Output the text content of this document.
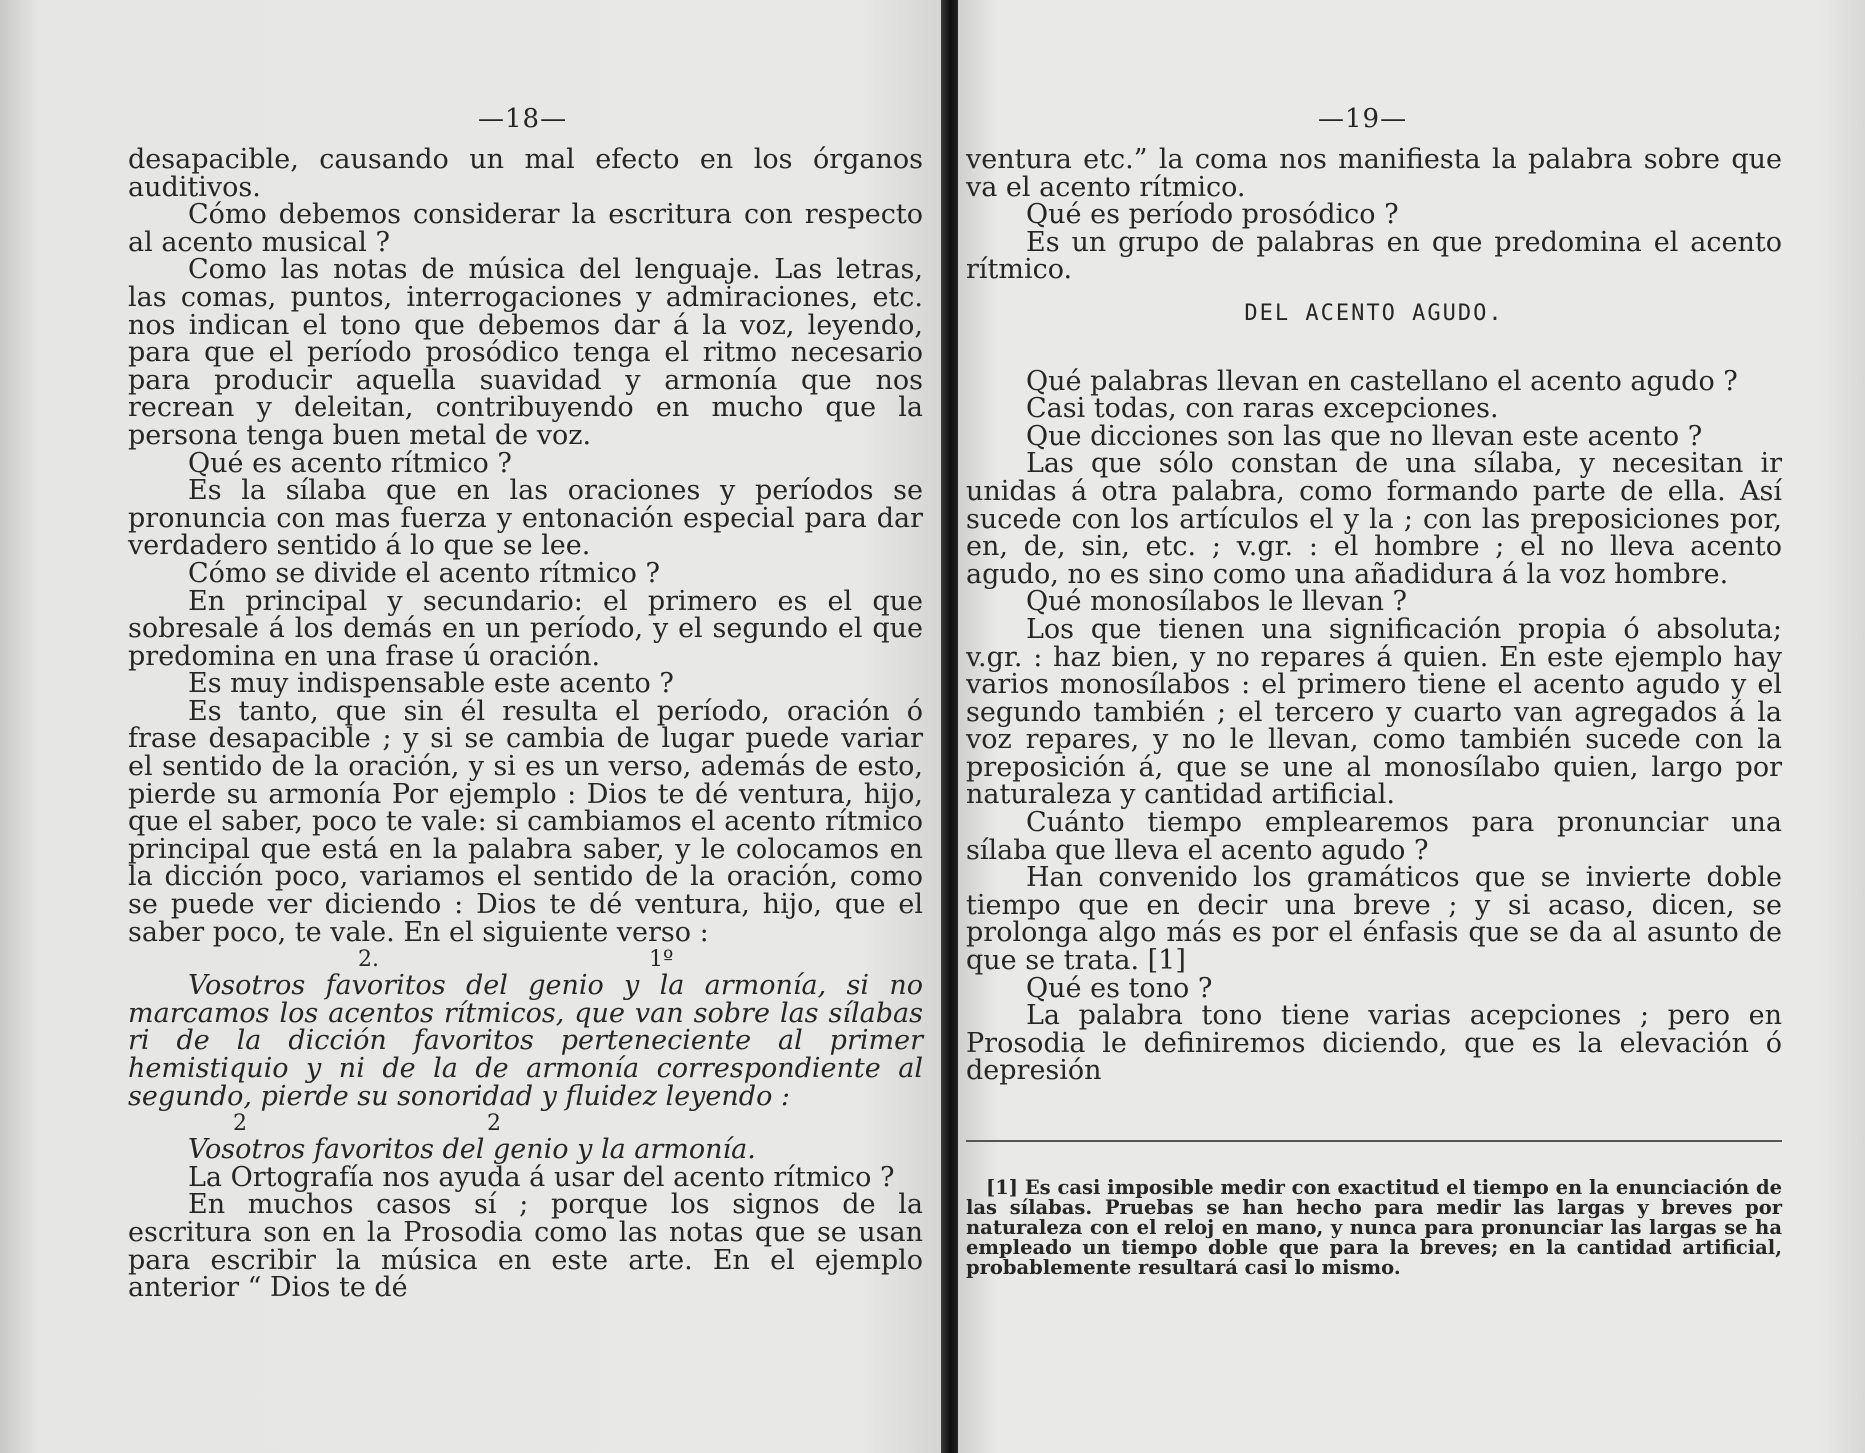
—18—

desapacible, causando un mal efecto en los órganos auditivos.

Cómo debemos considerar la escritura con respecto al acento musical ?

Como las notas de música del lenguaje. Las letras, las comas, puntos, interrogaciones y admiraciones, etc. nos indican el tono que debemos dar á la voz, leyendo, para que el período prosódico tenga el ritmo necesario para producir aquella suavidad y armonía que nos recrean y deleitan, contribuyendo en mucho que la persona tenga buen metal de voz.

Qué es acento rítmico ?

Es la sílaba que en las oraciones y períodos se pronuncia con mas fuerza y entonación especial para dar verdadero sentido á lo que se lee.

Cómo se divide el acento rítmico ?

En principal y secundario: el primero es el que sobresale á los demás en un período, y el segundo el que predomina en una frase ú oración.

Es muy indispensable este acento ?

Es tanto, que sin él resulta el período, oración ó frase desapacible ; y si se cambia de lugar puede variar el sentido de la oración, y si es un verso, además de esto, pierde su armonía Por ejemplo : Dios te dé ventura, hijo, que el saber, poco te vale: si cambiamos el acento rítmico principal que está en la palabra saber, y le colocamos en la dicción poco, variamos el sentido de la oración, como se puede ver diciendo : Dios te dé ventura, hijo, que el saber poco, te vale. En el siguiente verso :

2.	1º

Vosotros favoritos del genio y la armonía, si no marcamos los acentos rítmicos, que van sobre las sílabas ri de la dicción favoritos perteneciente al primer hemistiquio y ni de la de armonía correspondiente al segundo, pierde su sonoridad y fluidez leyendo :

2	2

Vosotros favoritos del genio y la armonía.

La Ortografía nos ayuda á usar del acento rítmico ?

En muchos casos sí ; porque los signos de la escritura son en la Prosodia como las notas que se usan para escribir la música en este arte. En el ejemplo anterior “ Dios te dé

—19—

ventura etc.” la coma nos manifiesta la palabra sobre que va el acento rítmico.

Qué es período prosódico ?

Es un grupo de palabras en que predomina el acento rítmico.

DEL ACENTO AGUDO.

Qué palabras llevan en castellano el acento agudo ?

Casi todas, con raras excepciones.

Que dicciones son las que no llevan este acento ?

Las que sólo constan de una sílaba, y necesitan ir unidas á otra palabra, como formando parte de ella. Así sucede con los artículos el y la ; con las preposiciones por, en, de, sin, etc. ; v.gr. : el hombre ; el no lleva acento agudo, no es sino como una añadidura á la voz hombre.

Qué monosílabos le llevan ?

Los que tienen una significación propia ó absoluta; v.gr. : haz bien, y no repares á quien. En este ejemplo hay varios monosílabos : el primero tiene el acento agudo y el segundo también ; el tercero y cuarto van agregados á la voz repares, y no le llevan, como también sucede con la preposición á, que se une al monosílabo quien, largo por naturaleza y cantidad artificial.

Cuánto tiempo emplearemos para pronunciar una sílaba que lleva el acento agudo ?

Han convenido los gramáticos que se invierte doble tiempo que en decir una breve ; y si acaso, dicen, se prolonga algo más es por el énfasis que se da al asunto de que se trata. [1]

Qué es tono ?

La palabra tono tiene varias acepciones ; pero en Prosodia le definiremos diciendo, que es la elevación ó depresión

[1] Es casi imposible medir con exactitud el tiempo en la enunciación de las sílabas. Pruebas se han hecho para medir las largas y breves por naturaleza con el reloj en mano, y nunca para pronunciar las largas se ha empleado un tiempo doble que para la breves; en la cantidad artificial, probablemente resultará casi lo mismo.
